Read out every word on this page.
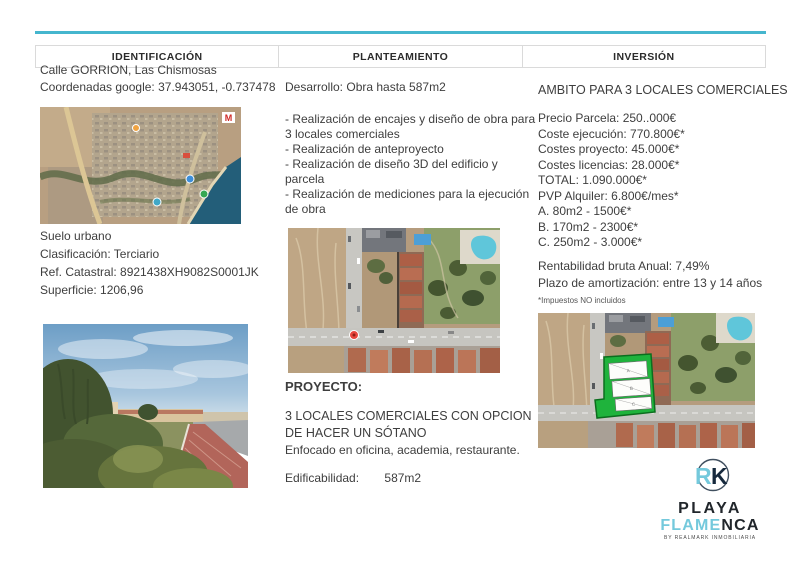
IDENTIFICACIÓN	PLANTEAMIENTO	INVERSIÓN
Calle GORRION, Las Chismosas
Coordenadas google: 37.943051, -0.737478
M
Suelo urbano
Clasificación: Terciario
Ref. Catastral: 8921438XH9082S0001JK
Superficie: 1206,96
Desarrollo: Obra hasta 587m2

- Realización de encajes y diseño de obra para 3 locales comerciales

- Realización de anteproyecto

- Realización de diseño 3D del edificio y parcela

- Realización de mediciones para la ejecución de obra

PROYECTO:
3 LOCALES COMERCIALES CON OPCION DE HACER UN SÓTANO
Enfocado en oficina, academia, restaurante.
Edificabilidad: 587m2
AMBITO PARA 3 LOCALES COMERCIALES
Precio Parcela: 250..000€
Coste ejecución: 770.800€*
Costes proyecto: 45.000€*
Costes licencias: 28.000€*
TOTAL: 1.090.000€*
PVP Alquiler: 6.800€/mes*
A. 80m2 - 1500€*
B. 170m2 - 2300€*
C. 250m2 - 3.000€*
Rentabilidad bruta Anual: 7,49%
Plazo de amortización: entre 13 y 14 años
*Impuestos NO incluidos
A
B
C
R K
PLAYA
FLAMENCA
BY REALMARK INMOBILIARIA
